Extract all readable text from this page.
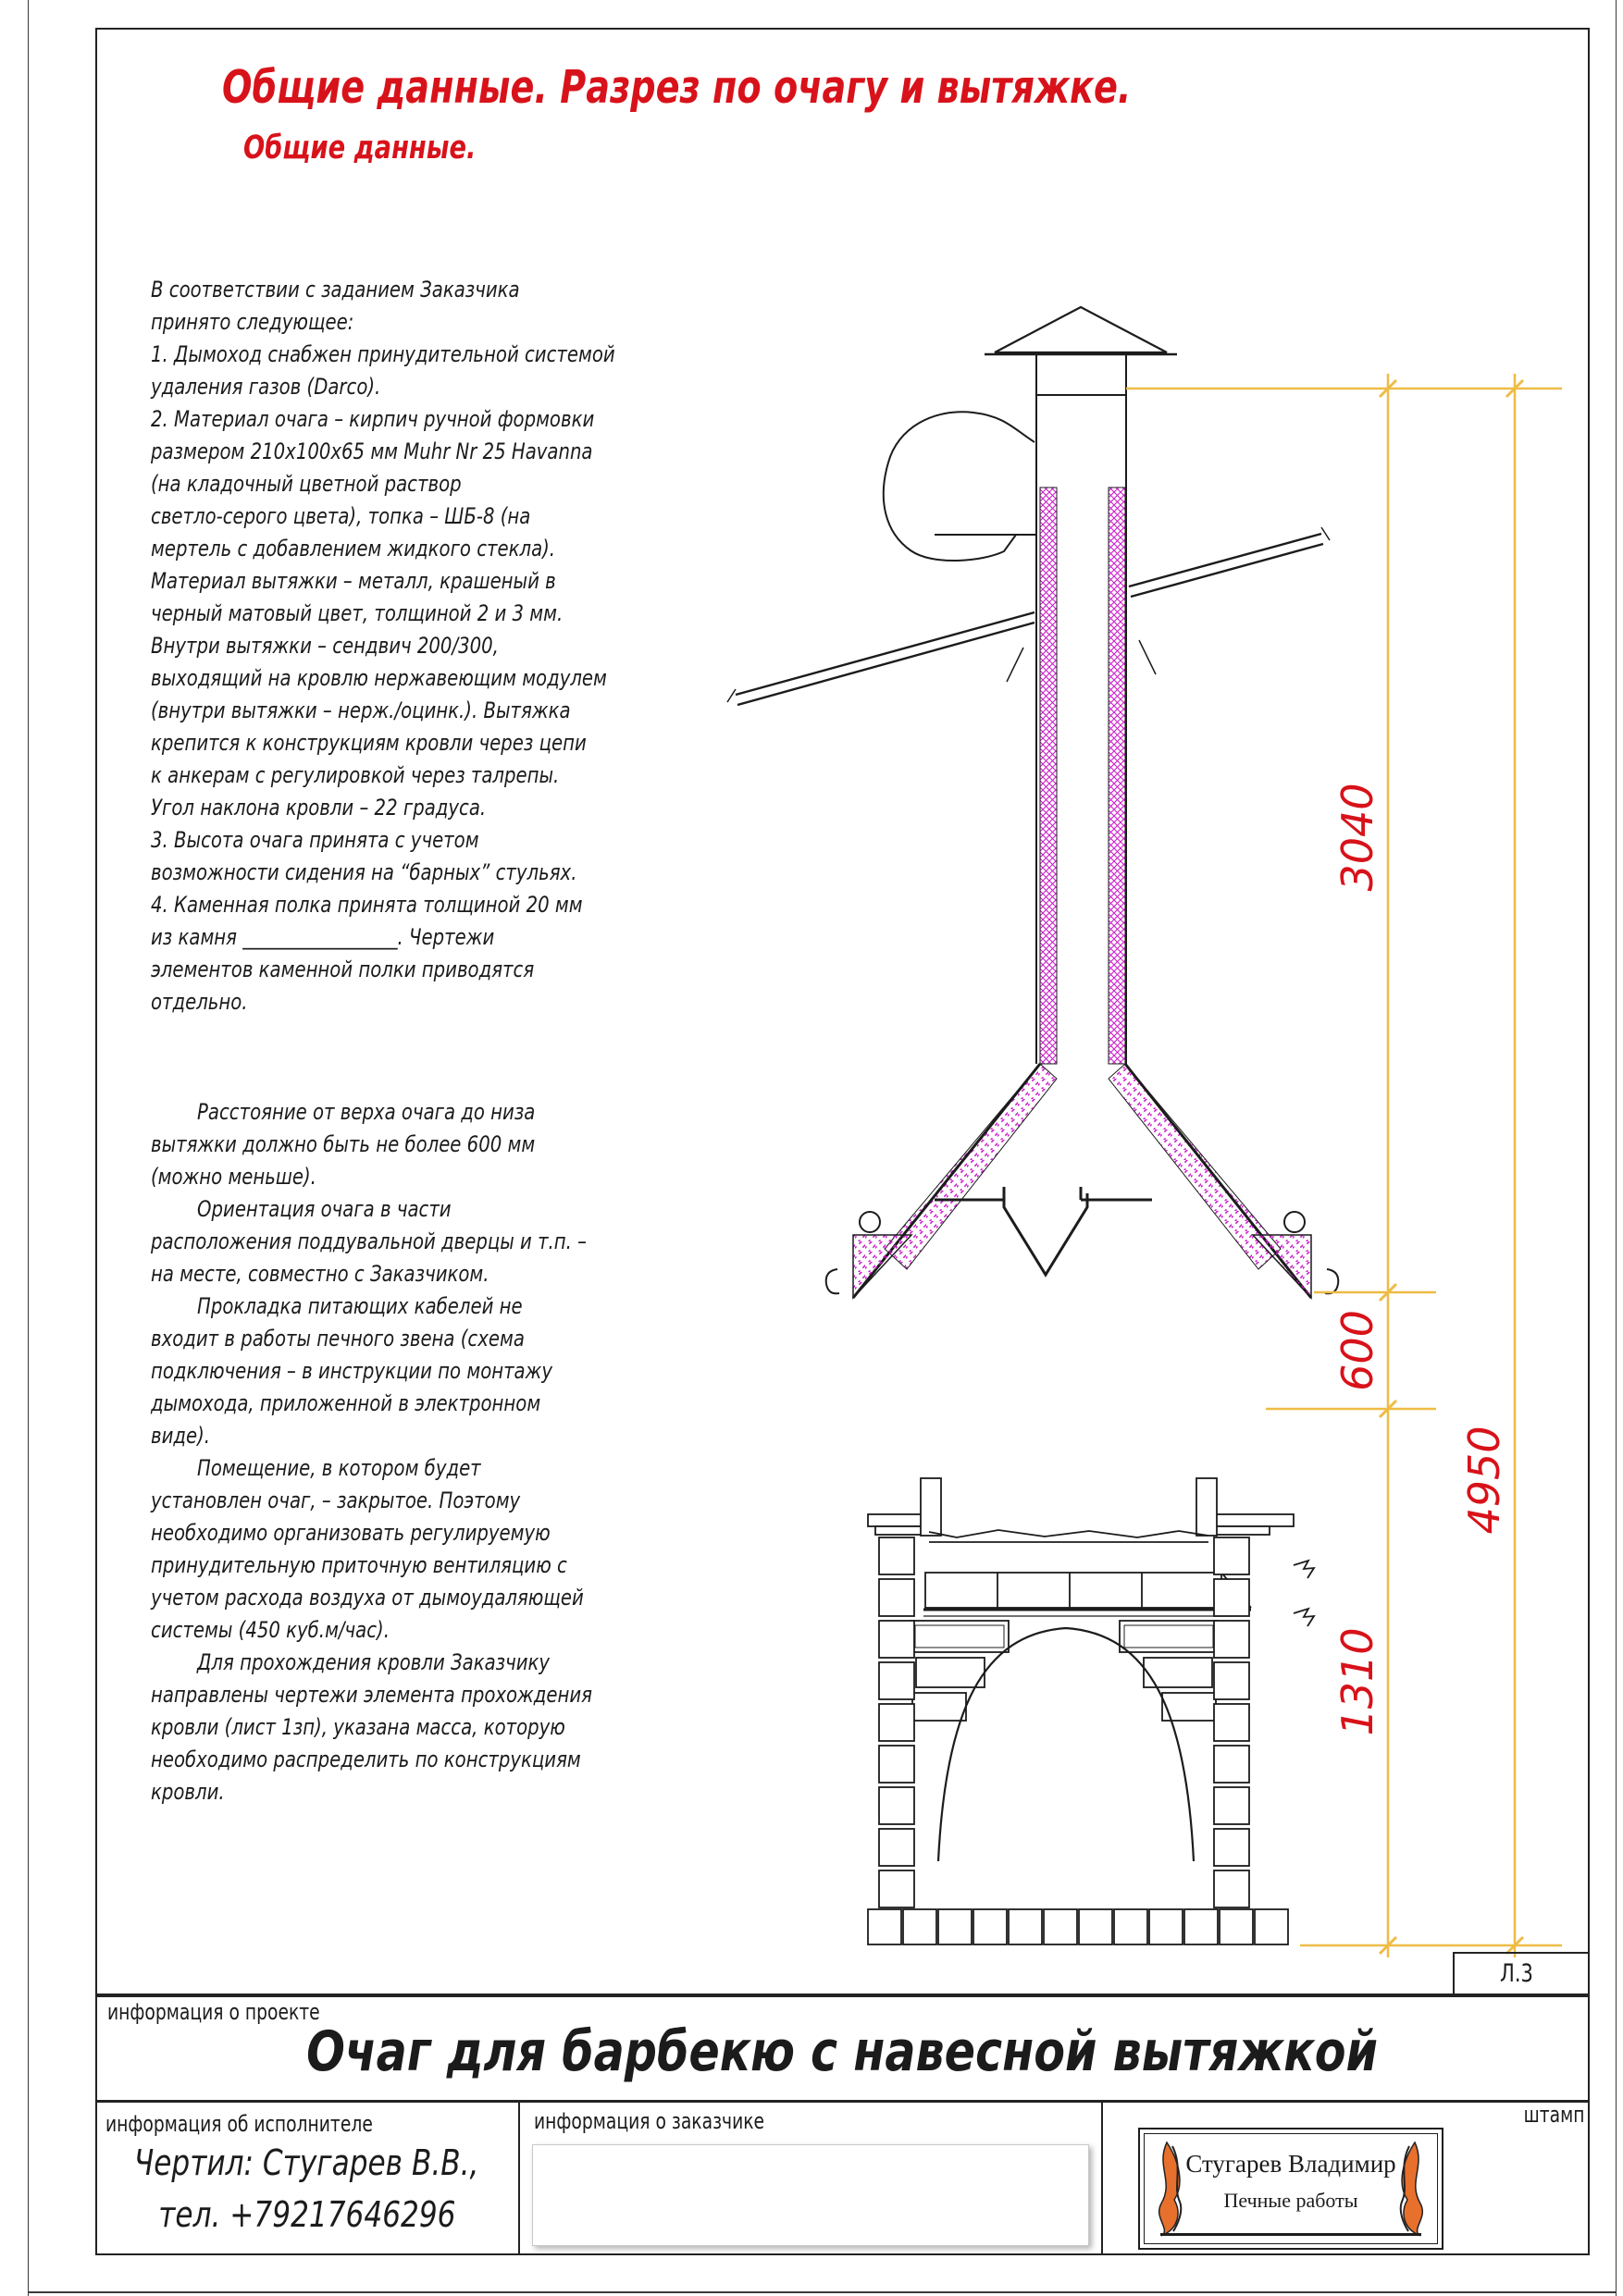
Общие данные. Разрез по очагу и вытяжке.
Общие данные.
В соответствии с заданием Заказчика
принято следующее:
1. Дымоход снабжен принудительной системой
удаления газов (Darco).
2. Материал очага – кирпич ручной формовки
размером 210х100х65 мм Muhr Nr 25 Havanna
(на кладочный цветной раствор
светло-серого цвета), топка – ШБ-8 (на
мертель с добавлением жидкого стекла).
Материал вытяжки – металл, крашеный в
черный матовый цвет, толщиной 2 и 3 мм.
Внутри вытяжки – сендвич 200/300,
выходящий на кровлю нержавеющим модулем
(внутри вытяжки – нерж./оцинк.). Вытяжка
крепится к конструкциям кровли через цепи
к анкерам с регулировкой через талрепы.
Угол наклона кровли – 22 градуса.
3. Высота очага принята с учетом
возможности сидения на “барных” стульях.
4. Каменная полка принята толщиной 20 мм
из камня _________________. Чертежи
элементов каменной полки приводятся
отдельно.
Расстояние от верха очага до низа
вытяжки должно быть не более 600 мм
(можно меньше).
Ориентация очага в части
расположения поддувальной дверцы и т.п. –
на месте, совместно с Заказчиком.
Прокладка питающих кабелей не
входит в работы печного звена (схема
подключения – в инструкции по монтажу
дымохода, приложенной в электронном
виде).
Помещение, в котором будет
установлен очаг, – закрытое. Поэтому
необходимо организовать регулируемую
принудительную приточную вентиляцию с
учетом расхода воздуха от дымоудаляющей
системы (450 куб.м/час).
Для прохождения кровли Заказчику
направлены чертежи элемента прохождения
кровли (лист 1зп), указана масса, которую
необходимо распределить по конструкциям
кровли.
3040
600
1310
4950
Л.3
информация о проекте
Очаг для барбекю с навесной вытяжкой
информация об исполнителе
Чертил: Стугарев В.В.,
тел. +79217646296
информация о заказчике	штамп
Стугарев Владимир
Печные работы
